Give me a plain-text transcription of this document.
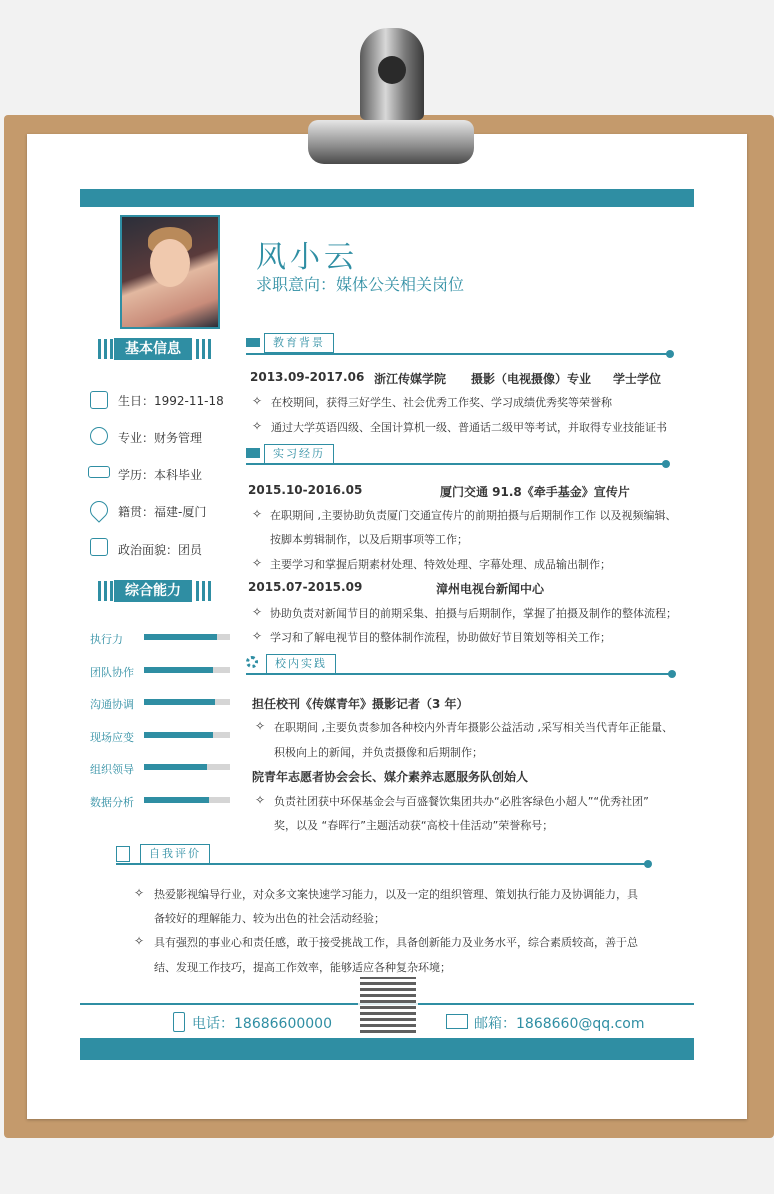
风小云
求职意向：媒体公关相关岗位
基本信息
生日：1992-11-18
专业：财务管理
学历：本科毕业
籍贯：福建-厦门
政治面貌：团员
综合能力
执行力
团队协作
沟通协调
现场应变
组织领导
数据分析
教育背景
2013.09-2017.06 浙江传媒学院 摄影（电视摄像）专业 学士学位
✧ 在校期间，获得三好学生、社会优秀工作奖、学习成绩优秀奖等荣誉称
✧ 通过大学英语四级、全国计算机一级、普通话二级甲等考试，并取得专业技能证书
实习经历
2015.10-2016.05	厦门交通 91.8《牵手基金》宣传片
✧ 在职期间 ,主要协助负责厦门交通宣传片的前期拍摄与后期制作工作 以及视频编辑、
按脚本剪辑制作，以及后期事项等工作；
✧ 主要学习和掌握后期素材处理、特效处理、字幕处理、成品输出制作；
2015.07-2015.09	漳州电视台新闻中心
✧ 协助负责对新闻节目的前期采集、拍摄与后期制作，掌握了拍摄及制作的整体流程；
✧ 学习和了解电视节目的整体制作流程，协助做好节目策划等相关工作；
校内实践
担任校刊《传媒青年》摄影记者（3 年）
✧ 在职期间 ,主要负责参加各种校内外青年摄影公益活动 ,采写相关当代青年正能量、
积极向上的新闻，并负责摄像和后期制作；
院青年志愿者协会会长、媒介素养志愿服务队创始人
✧ 负责社团获中环保基金会与百盛餐饮集团共办“必胜客绿色小超人”“优秀社团”
奖，以及 “春晖行”主题活动获“高校十佳活动”荣誉称号；
自我评价
✧ 热爱影视编导行业，对众多文案快速学习能力，以及一定的组织管理、策划执行能力及协调能力，具
备较好的理解能力、较为出色的社会活动经验；
✧ 具有强烈的事业心和责任感，敢于接受挑战工作，具备创新能力及业务水平，综合素质较高，善于总
结、发现工作技巧，提高工作效率，能够适应各种复杂环境；
电话：18686600000	邮箱：1868660@qq.com
